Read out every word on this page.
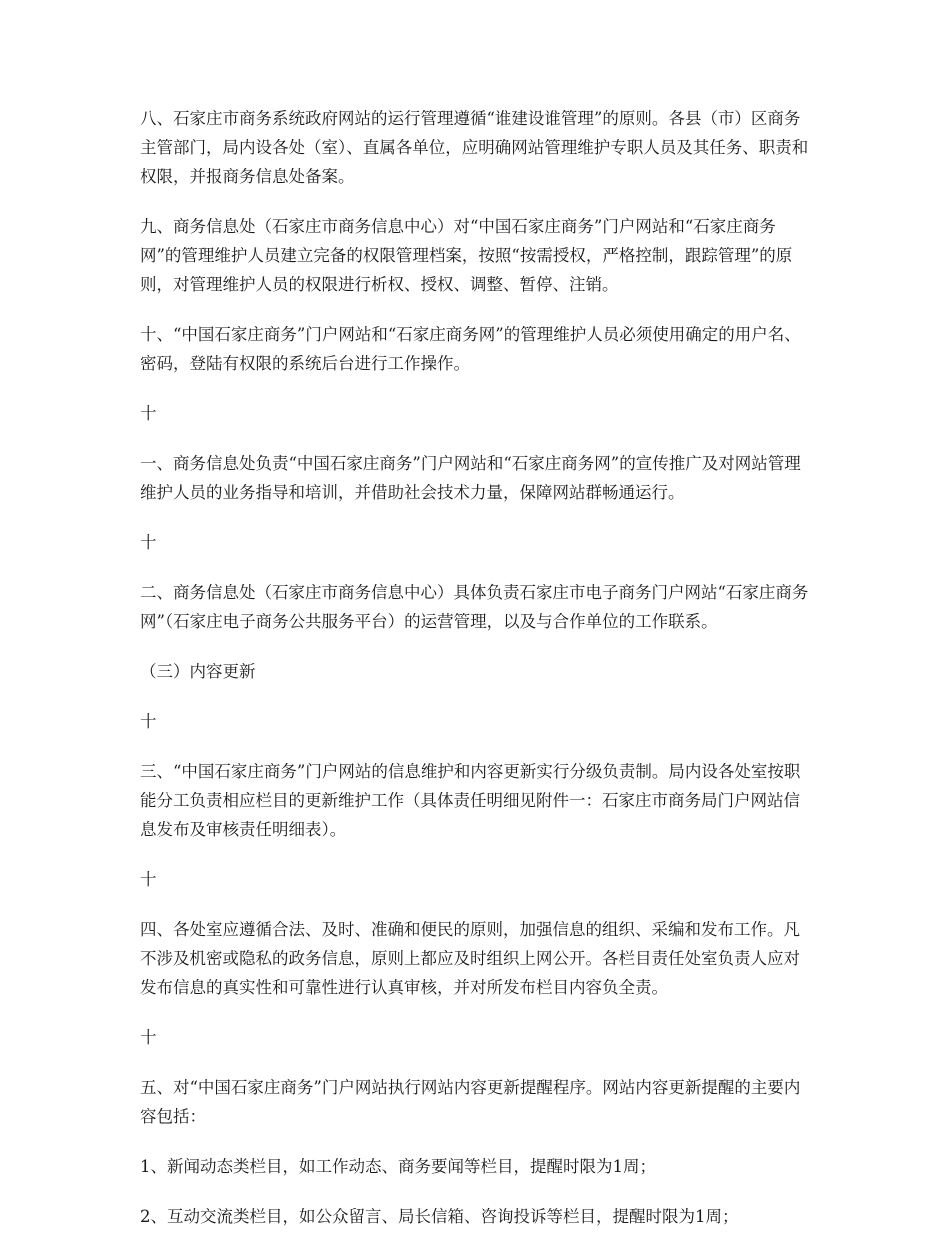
八、石家庄市商务系统政府网站的运行管理遵循“谁建设谁管理”的原则。各县（市）区商务主管部门，局内设各处（室）、直属各单位，应明确网站管理维护专职人员及其任务、职责和权限，并报商务信息处备案。

九、商务信息处（石家庄市商务信息中心）对“中国石家庄商务”门户网站和“石家庄商务网”的管理维护人员建立完备的权限管理档案，按照“按需授权，严格控制，跟踪管理”的原则，对管理维护人员的权限进行析权、授权、调整、暂停、注销。

十、“中国石家庄商务”门户网站和“石家庄商务网”的管理维护人员必须使用确定的用户名、密码，登陆有权限的系统后台进行工作操作。

十

一、商务信息处负责“中国石家庄商务”门户网站和“石家庄商务网”的宣传推广及对网站管理维护人员的业务指导和培训，并借助社会技术力量，保障网站群畅通运行。

十

二、商务信息处（石家庄市商务信息中心）具体负责石家庄市电子商务门户网站“石家庄商务网”（石家庄电子商务公共服务平台）的运营管理，以及与合作单位的工作联系。

（三）内容更新

十

三、“中国石家庄商务”门户网站的信息维护和内容更新实行分级负责制。局内设各处室按职能分工负责相应栏目的更新维护工作（具体责任明细见附件一：石家庄市商务局门户网站信息发布及审核责任明细表）。

十

四、各处室应遵循合法、及时、准确和便民的原则，加强信息的组织、采编和发布工作。凡不涉及机密或隐私的政务信息，原则上都应及时组织上网公开。各栏目责任处室负责人应对发布信息的真实性和可靠性进行认真审核，并对所发布栏目内容负全责。

十

五、对“中国石家庄商务”门户网站执行网站内容更新提醒程序。网站内容更新提醒的主要内容包括：

1、新闻动态类栏目，如工作动态、商务要闻等栏目，提醒时限为1周；

2、互动交流类栏目，如公众留言、局长信箱、咨询投诉等栏目，提醒时限为1周；
